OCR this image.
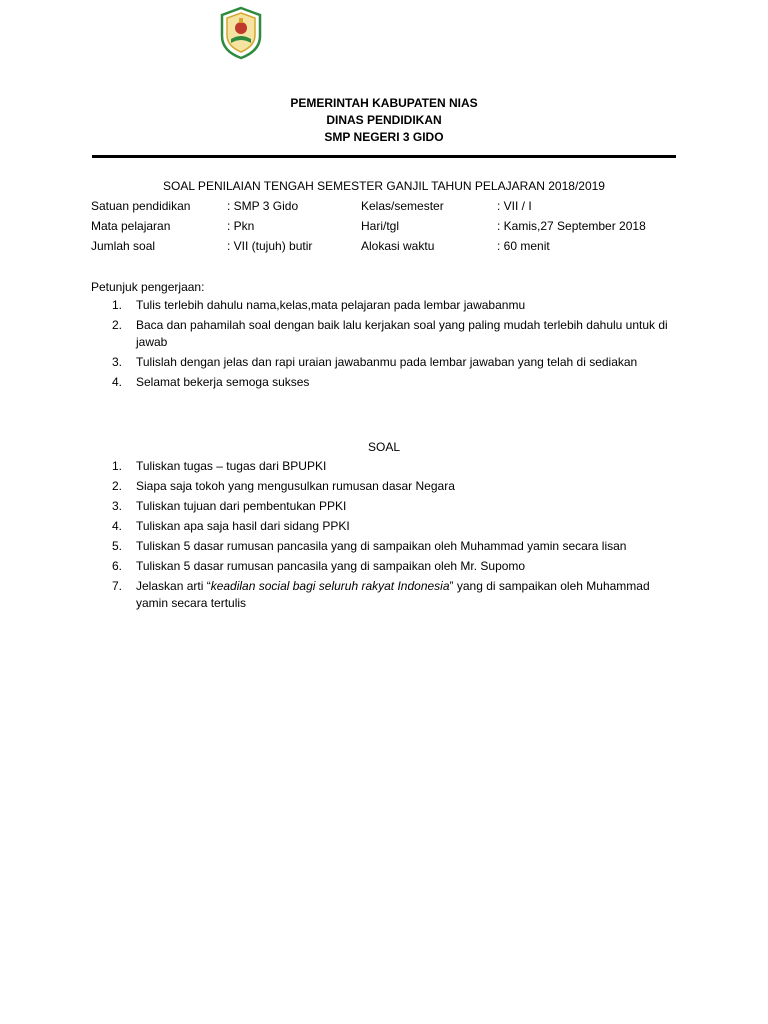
PEMERINTAH KABUPATEN NIAS
DINAS PENDIDIKAN
SMP NEGERI 3 GIDO
SOAL PENILAIAN TENGAH SEMESTER GANJIL TAHUN PELAJARAN 2018/2019
Satuan pendidikan	: SMP 3 Gido	Kelas/semester	: VII / I
Mata pelajaran	: Pkn	Hari/tgl	: Kamis,27 September 2018
Jumlah soal	: VII (tujuh) butir	Alokasi waktu	: 60 menit
Petunjuk pengerjaan:
1.	Tulis terlebih dahulu nama,kelas,mata pelajaran pada lembar jawabanmu
2.	Baca dan pahamilah soal dengan baik lalu kerjakan soal yang paling mudah terlebih dahulu untuk di jawab
3.	Tulislah dengan jelas dan rapi uraian jawabanmu pada lembar jawaban yang telah di sediakan
4.	Selamat bekerja semoga sukses
SOAL
1.	Tuliskan tugas – tugas dari BPUPKI
2.	Siapa saja tokoh yang mengusulkan rumusan dasar Negara
3.	Tuliskan tujuan dari pembentukan PPKI
4.	Tuliskan apa saja hasil dari sidang PPKI
5.	Tuliskan 5 dasar rumusan pancasila yang di sampaikan oleh Muhammad yamin secara lisan
6.	Tuliskan 5 dasar rumusan pancasila yang di sampaikan oleh Mr. Supomo
7.	Jelaskan arti “keadilan social bagi seluruh rakyat Indonesia” yang di sampaikan oleh Muhammad yamin secara tertulis
